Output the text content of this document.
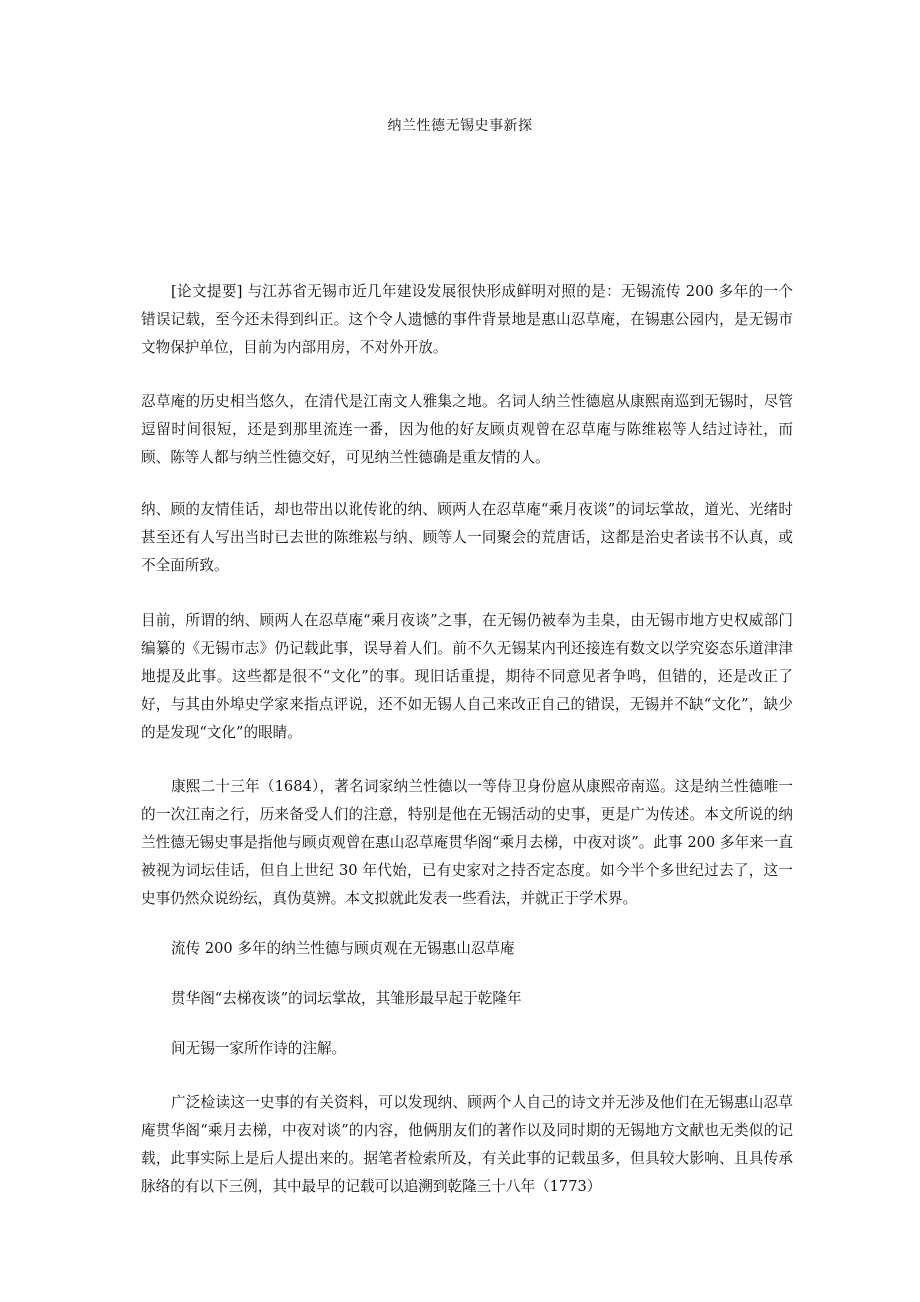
纳兰性德无锡史事新探

[论文提要] 与江苏省无锡市近几年建设发展很快形成鲜明对照的是：无锡流传 200 多年的一个错误记载，至今还未得到纠正。这个令人遗憾的事件背景地是惠山忍草庵，在锡惠公园内，是无锡市文物保护单位，目前为内部用房，不对外开放。

忍草庵的历史相当悠久，在清代是江南文人雅集之地。名词人纳兰性德扈从康熙南巡到无锡时，尽管逗留时间很短，还是到那里流连一番，因为他的好友顾贞观曾在忍草庵与陈维崧等人结过诗社，而顾、陈等人都与纳兰性德交好，可见纳兰性德确是重友情的人。

纳、顾的友情佳话，却也带出以讹传讹的纳、顾两人在忍草庵“乘月夜谈”的词坛掌故，道光、光绪时甚至还有人写出当时已去世的陈维崧与纳、顾等人一同聚会的荒唐话，这都是治史者读书不认真，或不全面所致。

目前，所谓的纳、顾两人在忍草庵“乘月夜谈”之事，在无锡仍被奉为圭臬，由无锡市地方史权威部门编纂的《无锡市志》仍记载此事，误导着人们。前不久无锡某内刊还接连有数文以学究姿态乐道津津地提及此事。这些都是很不“文化”的事。现旧话重提，期待不同意见者争鸣，但错的，还是改正了好，与其由外埠史学家来指点评说，还不如无锡人自己来改正自己的错误，无锡并不缺“文化”，缺少的是发现“文化”的眼睛。

康熙二十三年（1684），著名词家纳兰性德以一等侍卫身份扈从康熙帝南巡。这是纳兰性德唯一的一次江南之行，历来备受人们的注意，特别是他在无锡活动的史事，更是广为传述。本文所说的纳兰性德无锡史事是指他与顾贞观曾在惠山忍草庵贯华阁“乘月去梯，中夜对谈”。此事 200 多年来一直被视为词坛佳话，但自上世纪 30 年代始，已有史家对之持否定态度。如今半个多世纪过去了，这一史事仍然众说纷纭，真伪莫辨。本文拟就此发表一些看法，并就正于学术界。

流传 200 多年的纳兰性德与顾贞观在无锡惠山忍草庵

贯华阁“去梯夜谈”的词坛掌故，其雏形最早起于乾隆年

间无锡一家所作诗的注解。

广泛检读这一史事的有关资料，可以发现纳、顾两个人自己的诗文并无涉及他们在无锡惠山忍草庵贯华阁“乘月去梯，中夜对谈”的内容，他俩朋友们的著作以及同时期的无锡地方文献也无类似的记载，此事实际上是后人提出来的。据笔者检索所及，有关此事的记载虽多，但具较大影响、且具传承脉络的有以下三例，其中最早的记载可以追溯到乾隆三十八年（1773）
